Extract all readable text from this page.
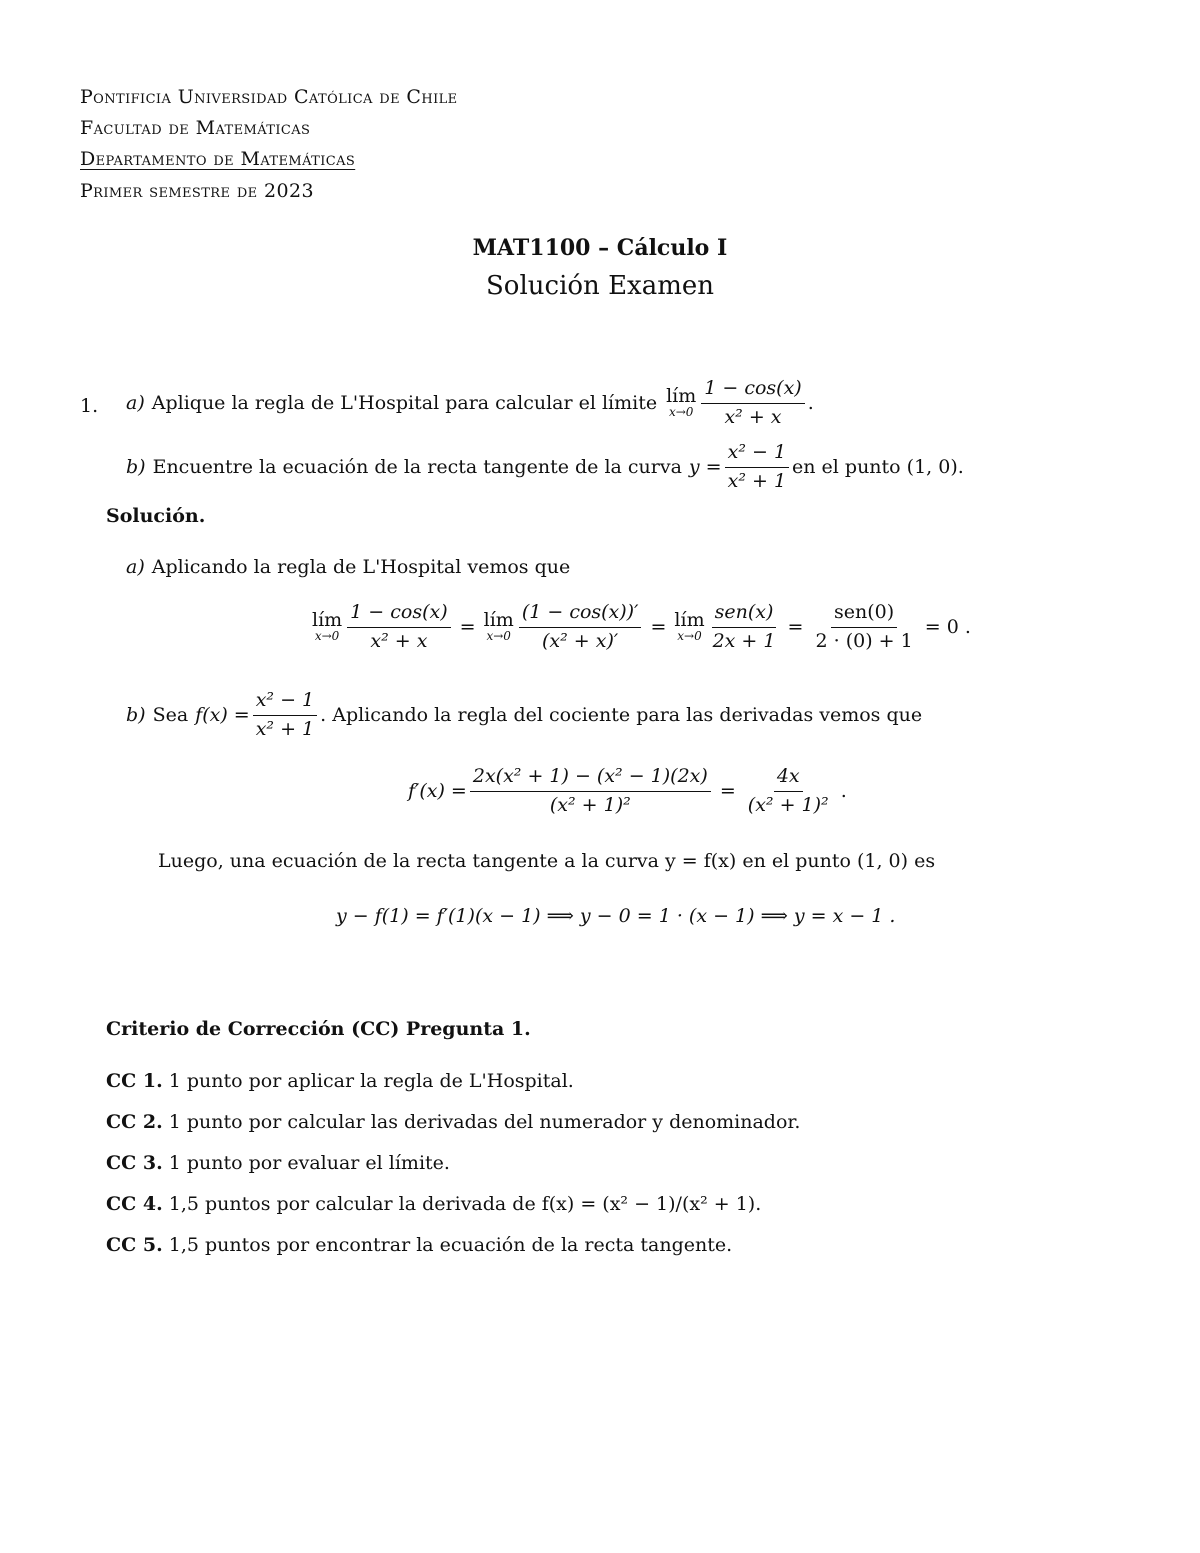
Pontificia Universidad Católica de Chile
Facultad de Matemáticas
Departamento de Matemáticas
Primer semestre de 2023
MAT1100 – Cálculo I
Solución Examen
1. a) Aplique la regla de L'Hospital para calcular el límite lím
$x\to 0 \frac{1 - \cos(x)}{\text{x² + x}}$ .
b) Encuentre la ecuación de la recta tangente de la curva $y = \frac{\text{x² − 1}}{\text{x² + 1}}$ en el punto (1, 0).
Solución.
a) Aplicando la regla de L'Hospital vemos que
lím
$x\to 0 \frac{1 - \cos(x)}{\text{x² + x}}$ = lím
$x\to 0 \frac{(1 - \cos(x))'}{\text{(x² + x)′}}$ = lím
$x\to 0 \frac{\text{sen(x)}}{2x + 1} = \frac{\text{sen(0)}}{2 \cdot (0) + 1}$
= 0 .
b) Sea $f(x) = \frac{\text{x² − 1}}{\text{x² + 1}}$ . Aplicando la regla del cociente para las derivadas vemos que
$f'(x) = \frac{\text{2x(x² + 1) − (x² − 1)(2x)}}{\text{(x² + 1)²}} = \frac{4x}{\text{(x² + 1)²}}$
.
Luego, una ecuación de la recta tangente a la curva y = f(x) en el punto (1, 0) es
y − f(1) = f′(1)(x − 1) ⟹ y − 0 = 1 · (x − 1) ⟹ y = x − 1 .
Criterio de Corrección (CC) Pregunta 1.
CC 1. 1 punto por aplicar la regla de L'Hospital.
CC 2. 1 punto por calcular las derivadas del numerador y denominador.
CC 3. 1 punto por evaluar el límite.
CC 4. 1,5 puntos por calcular la derivada de f(x) = (x² − 1)/(x² + 1).
CC 5. 1,5 puntos por encontrar la ecuación de la recta tangente.
